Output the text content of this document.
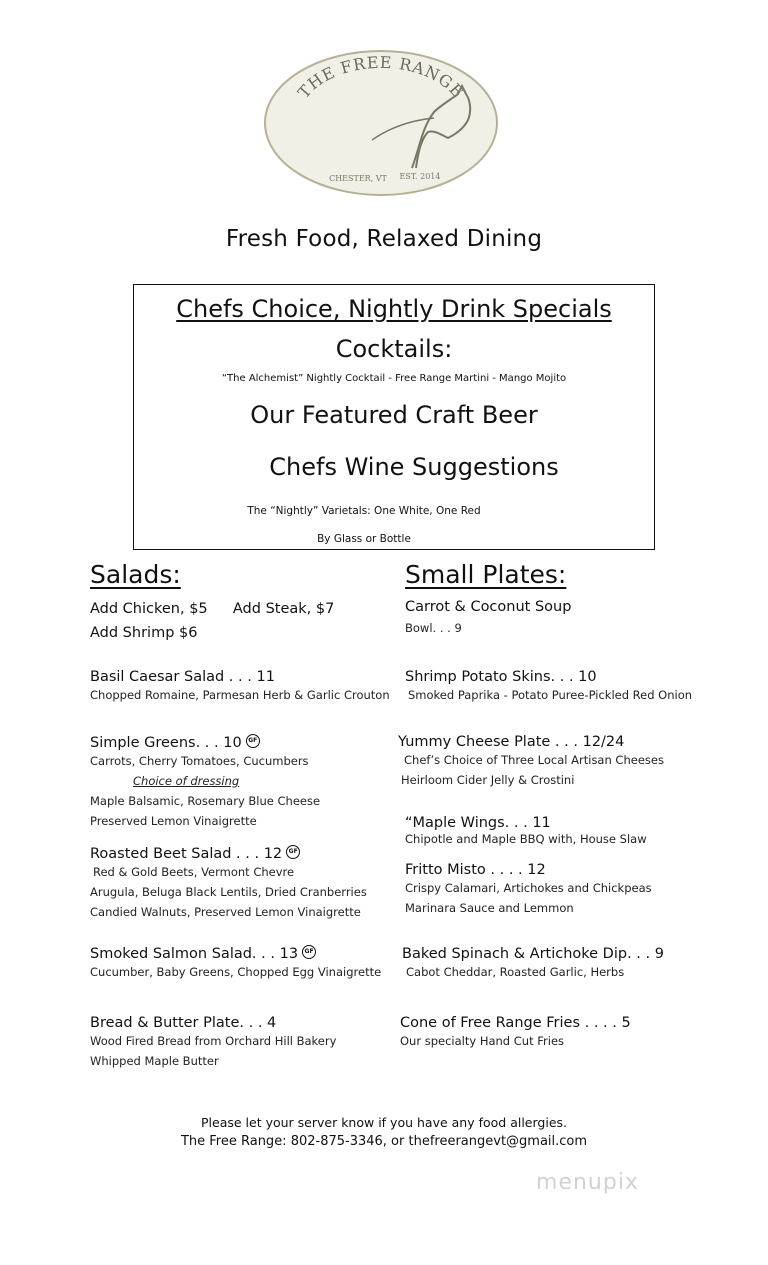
THE FREE RANGE
CHESTER, VT EST. 2014
Fresh Food, Relaxed Dining
Chefs Choice, Nightly Drink Specials
Cocktails:
“The Alchemist” Nightly Cocktail - Free Range Martini - Mango Mojito
Our Featured Craft Beer
Chefs Wine Suggestions
The “Nightly” Varietals: One White, One Red
By Glass or Bottle
Salads:
Add Chicken, $5 Add Steak, $7
Add Shrimp $6
Basil Caesar Salad . . . 11
Chopped Romaine, Parmesan Herb & Garlic Crouton
Simple Greens. . . 10 GF
Carrots, Cherry Tomatoes, Cucumbers
Choice of dressing
Maple Balsamic, Rosemary Blue Cheese
Preserved Lemon Vinaigrette
Roasted Beet Salad . . . 12 GF
Red & Gold Beets, Vermont Chevre
Arugula, Beluga Black Lentils, Dried Cranberries
Candied Walnuts, Preserved Lemon Vinaigrette
Smoked Salmon Salad. . . 13 GF
Cucumber, Baby Greens, Chopped Egg Vinaigrette
Bread & Butter Plate. . . 4
Wood Fired Bread from Orchard Hill Bakery
Whipped Maple Butter
Small Plates:
Carrot & Coconut Soup
Bowl. . . 9
Shrimp Potato Skins. . . 10
Smoked Paprika - Potato Puree-Pickled Red Onion
Yummy Cheese Plate . . . 12/24
Chef’s Choice of Three Local Artisan Cheeses
Heirloom Cider Jelly & Crostini
“Maple Wings. . . 11
Chipotle and Maple BBQ with, House Slaw
Fritto Misto . . . . 12
Crispy Calamari, Artichokes and Chickpeas
Marinara Sauce and Lemmon
Baked Spinach & Artichoke Dip. . . 9
Cabot Cheddar, Roasted Garlic, Herbs
Cone of Free Range Fries . . . . 5
Our specialty Hand Cut Fries
Please let your server know if you have any food allergies.
The Free Range: 802-875-3346, or thefreerangevt@gmail.com
menupix
